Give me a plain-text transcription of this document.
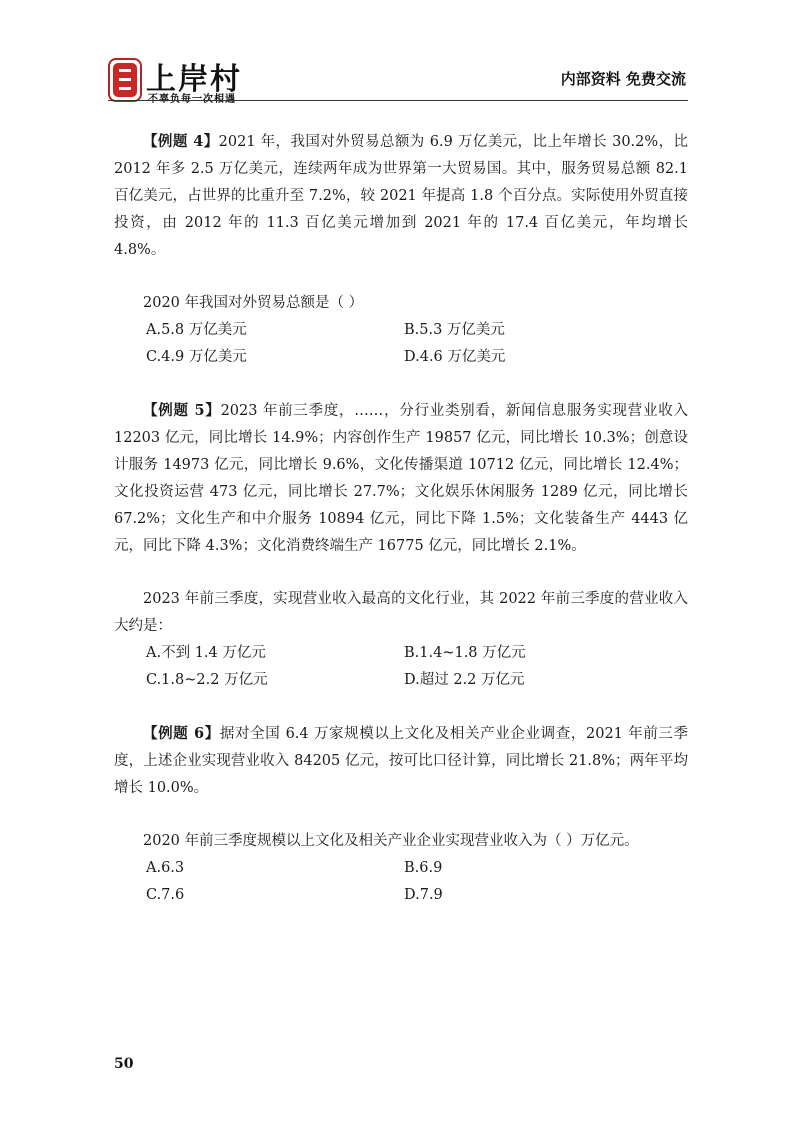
上岸村	内部资料 免费交流

【例题 4】2021 年，我国对外贸易总额为 6.9 万亿美元，比上年增长 30.2%，比 2012 年多 2.5 万亿美元，连续两年成为世界第一大贸易国。其中，服务贸易总额 82.1 百亿美元，占世界的比重升至 7.2%，较 2021 年提高 1.8 个百分点。实际使用外贸直接投资，由 2012 年的 11.3 百亿美元增加到 2021 年的 17.4 百亿美元，年均增长 4.8%。

2020 年我国对外贸易总额是（ ）

A.5.8 万亿美元	B.5.3 万亿美元
C.4.9 万亿美元	D.4.6 万亿美元

【例题 5】2023 年前三季度，……，分行业类别看，新闻信息服务实现营业收入 12203 亿元，同比增长 14.9%；内容创作生产 19857 亿元，同比增长 10.3%；创意设计服务 14973 亿元，同比增长 9.6%，文化传播渠道 10712 亿元，同比增长 12.4%；文化投资运营 473 亿元，同比增长 27.7%；文化娱乐休闲服务 1289 亿元，同比增长 67.2%；文化生产和中介服务 10894 亿元，同比下降 1.5%；文化装备生产 4443 亿元，同比下降 4.3%；文化消费终端生产 16775 亿元，同比增长 2.1%。

2023 年前三季度，实现营业收入最高的文化行业，其 2022 年前三季度的营业收入大约是：

A.不到 1.4 万亿元	B.1.4~1.8 万亿元
C.1.8~2.2 万亿元	D.超过 2.2 万亿元

【例题 6】据对全国 6.4 万家规模以上文化及相关产业企业调查，2021 年前三季度，上述企业实现营业收入 84205 亿元，按可比口径计算，同比增长 21.8%；两年平均增长 10.0%。

2020 年前三季度规模以上文化及相关产业企业实现营业收入为（ ）万亿元。

A.6.3	B.6.9
C.7.6	D.7.9
50
